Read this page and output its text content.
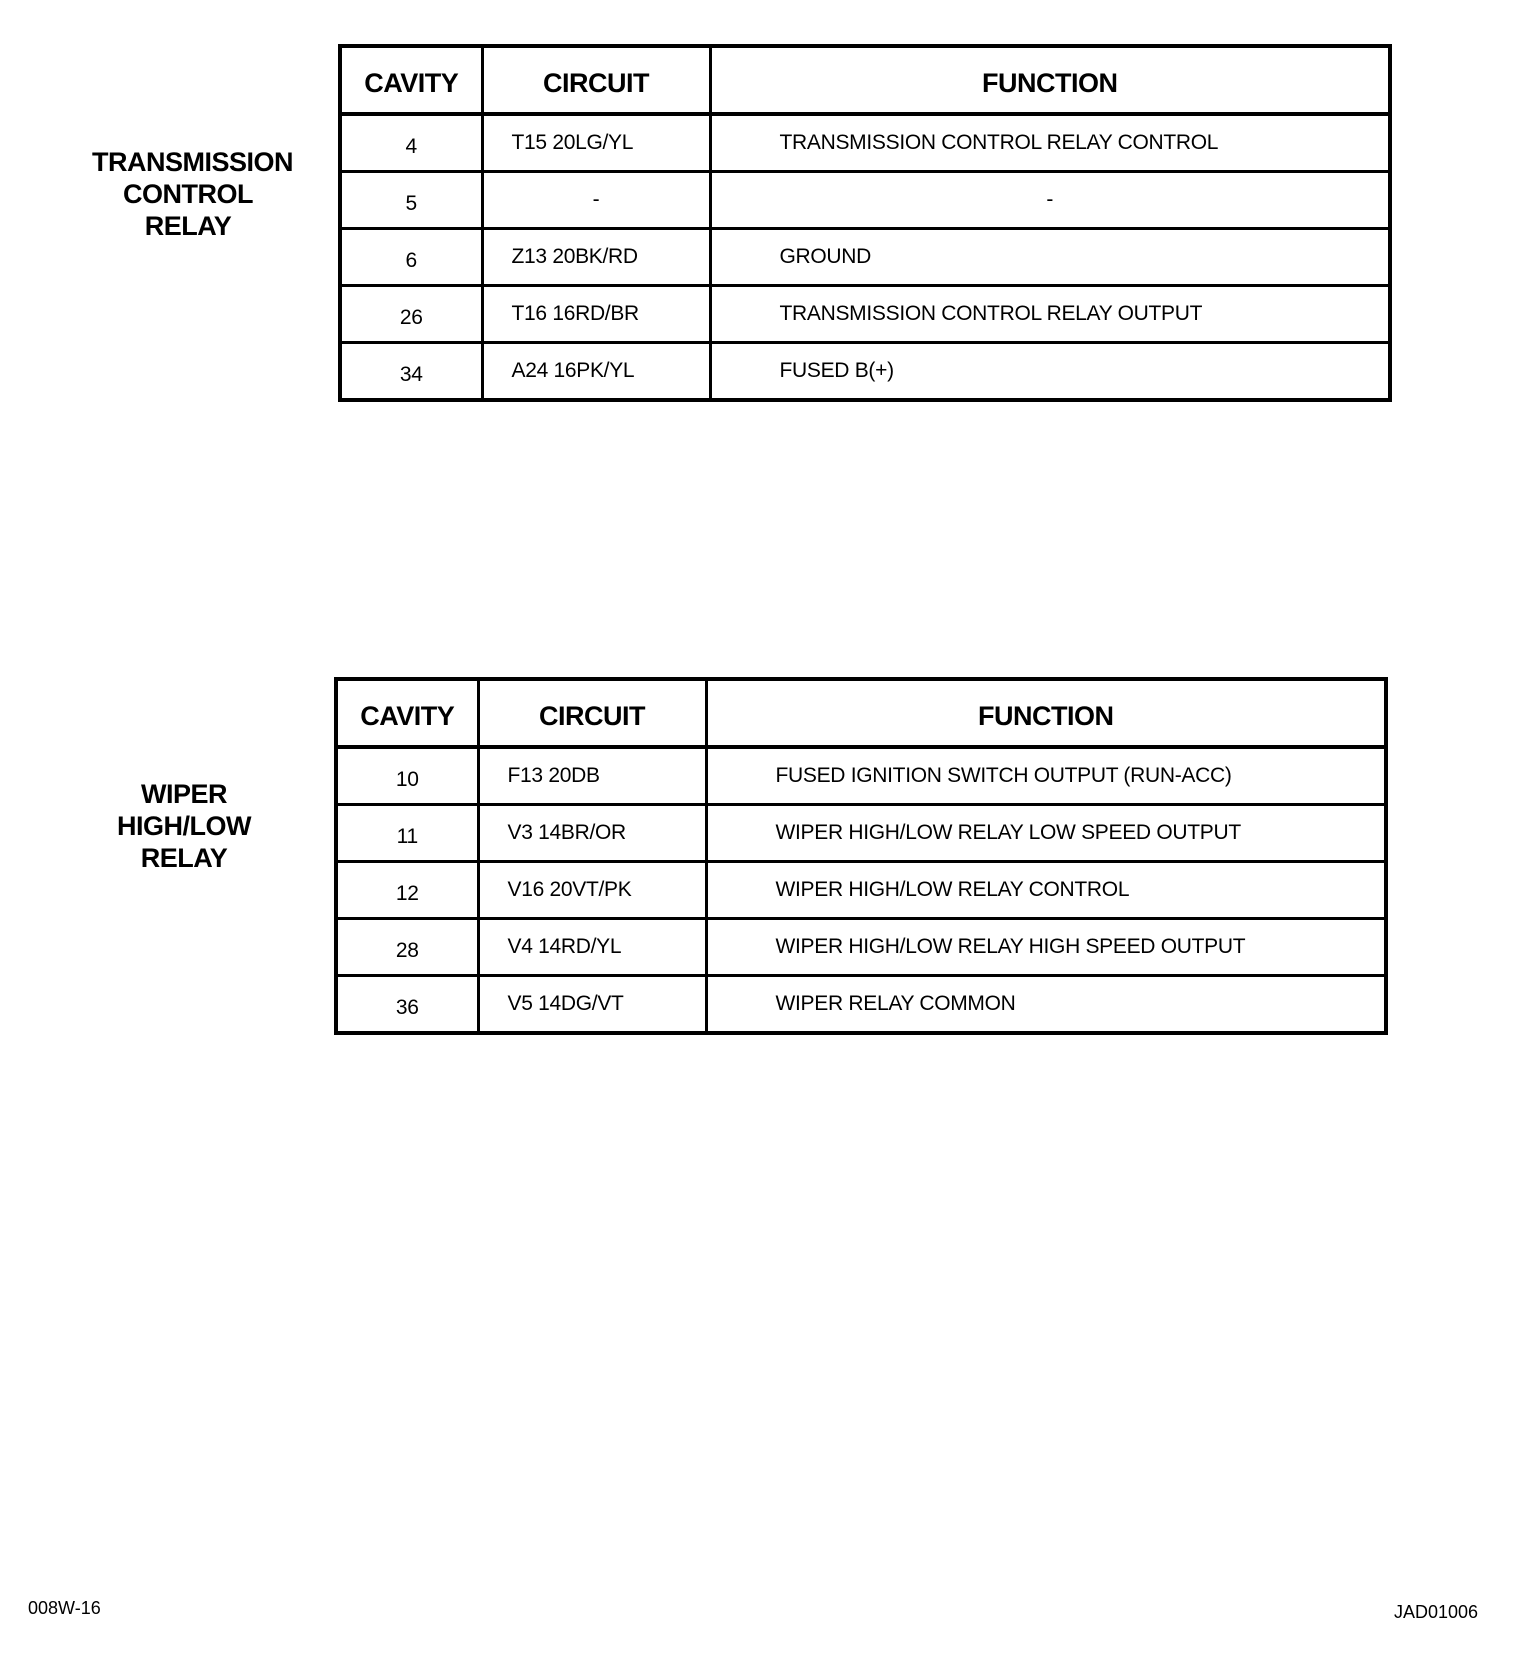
TRANSMISSION
CONTROL
RELAY
CAVITY	CIRCUIT	FUNCTION
4	T15 20LG/YL	TRANSMISSION CONTROL RELAY CONTROL
5	-	-
6	Z13 20BK/RD	GROUND
26	T16 16RD/BR	TRANSMISSION CONTROL RELAY OUTPUT
34	A24 16PK/YL	FUSED B(+)
WIPER
HIGH/LOW
RELAY
CAVITY	CIRCUIT	FUNCTION
10	F13 20DB	FUSED IGNITION SWITCH OUTPUT (RUN-ACC)
11	V3 14BR/OR	WIPER HIGH/LOW RELAY LOW SPEED OUTPUT
12	V16 20VT/PK	WIPER HIGH/LOW RELAY CONTROL
28	V4 14RD/YL	WIPER HIGH/LOW RELAY HIGH SPEED OUTPUT
36	V5 14DG/VT	WIPER RELAY COMMON
008W-16	JAD01006
